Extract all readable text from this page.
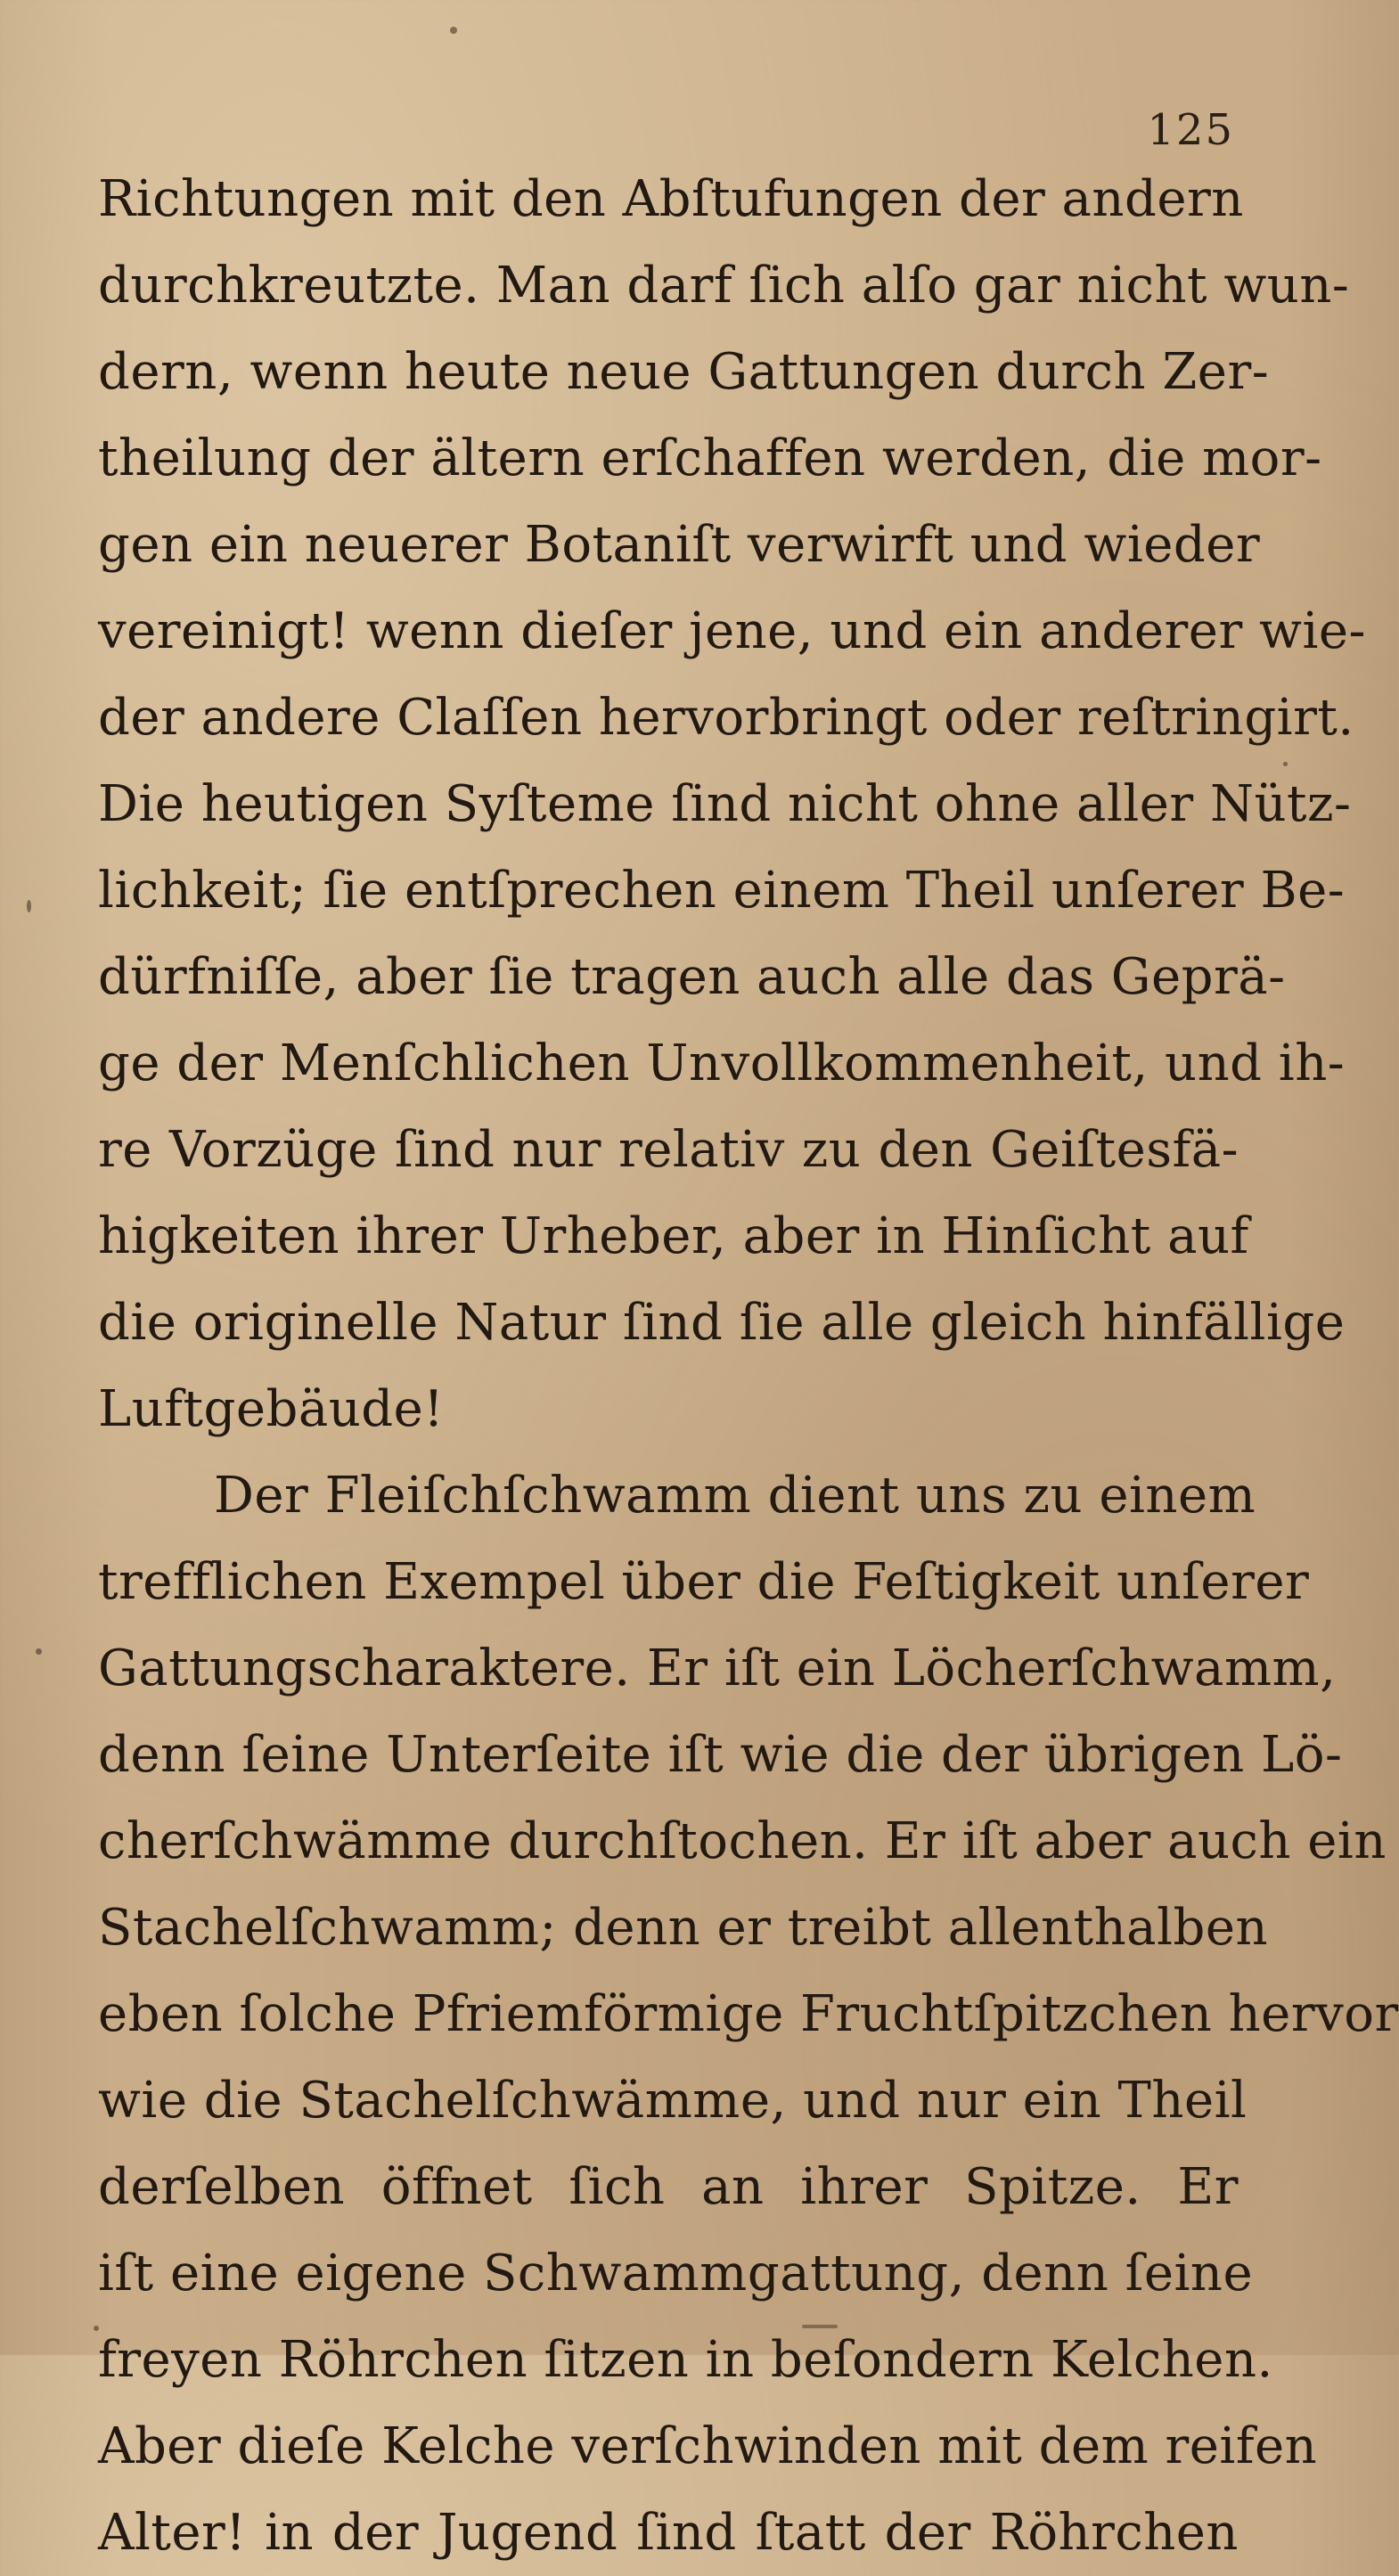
125
Richtungen mit den Abſtufungen der andern
durchkreutzte. Man darf ſich alſo gar nicht wun-
dern, wenn heute neue Gattungen durch Zer-
theilung der ältern erſchaffen werden, die mor-
gen ein neuerer Botaniſt verwirft und wieder
vereinigt! wenn dieſer jene, und ein anderer wie-
der andere Claſſen hervorbringt oder reſtringirt.
Die heutigen Syſteme ſind nicht ohne aller Nütz-
lichkeit; ſie entſprechen einem Theil unſerer Be-
dürfniſſe, aber ſie tragen auch alle das Geprä-
ge der Menſchlichen Unvollkommenheit, und ih-
re Vorzüge ſind nur relativ zu den Geiſtesfä-
higkeiten ihrer Urheber, aber in Hinſicht auf
die originelle Natur ſind ſie alle gleich hinfällige
Luftgebäude!
Der Fleiſchſchwamm dient uns zu einem
trefflichen Exempel über die Feſtigkeit unſerer
Gattungscharaktere. Er iſt ein Löcherſchwamm,
denn ſeine Unterſeite iſt wie die der übrigen Lö-
cherſchwämme durchſtochen. Er iſt aber auch ein
Stachelſchwamm; denn er treibt allenthalben
eben ſolche Pfriemförmige Fruchtſpitzchen hervor
wie die Stachelſchwämme, und nur ein Theil
derſelben öffnet ſich an ihrer Spitze. Er
iſt eine eigene Schwammgattung, denn ſeine
freyen Röhrchen ſitzen in beſondern Kelchen.
Aber dieſe Kelche verſchwinden mit dem reifen
Alter! in der Jugend ſind ſtatt der Röhrchen
